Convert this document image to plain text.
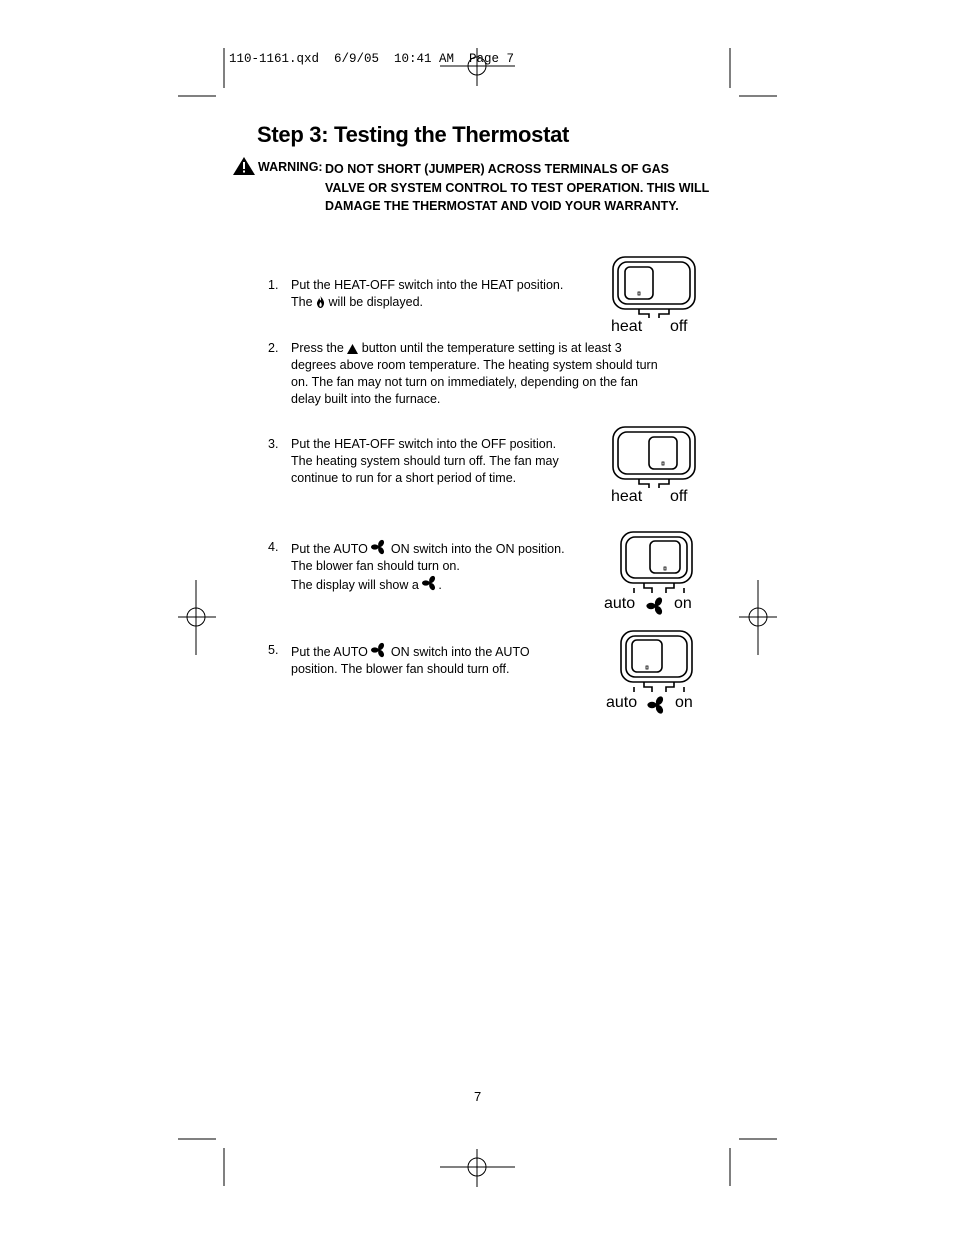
110-1161.qxd  6/9/05  10:41 AM  Page 7
Step 3: Testing the Thermostat
WARNING: DO NOT SHORT (JUMPER) ACROSS TERMINALS OF GAS
VALVE OR SYSTEM CONTROL TO TEST OPERATION. THIS WILL
DAMAGE THE THERMOSTAT AND VOID YOUR WARRANTY.
1. Put the HEAT-OFF switch into the HEAT position.
The will be displayed.
2. Press the button until the temperature setting is at least 3
degrees above room temperature. The heating system should turn
on. The fan may not turn on immediately, depending on the fan
delay built into the furnace.
3. Put the HEAT-OFF switch into the OFF position.
The heating system should turn off. The fan may
continue to run for a short period of time.
4. Put the AUTO ON switch into the ON position.
The blower fan should turn on.
The display will show a .
5. Put the AUTO ON switch into the AUTO
position. The blower fan should turn off.
heat off
heat off
auto on
auto on
7
